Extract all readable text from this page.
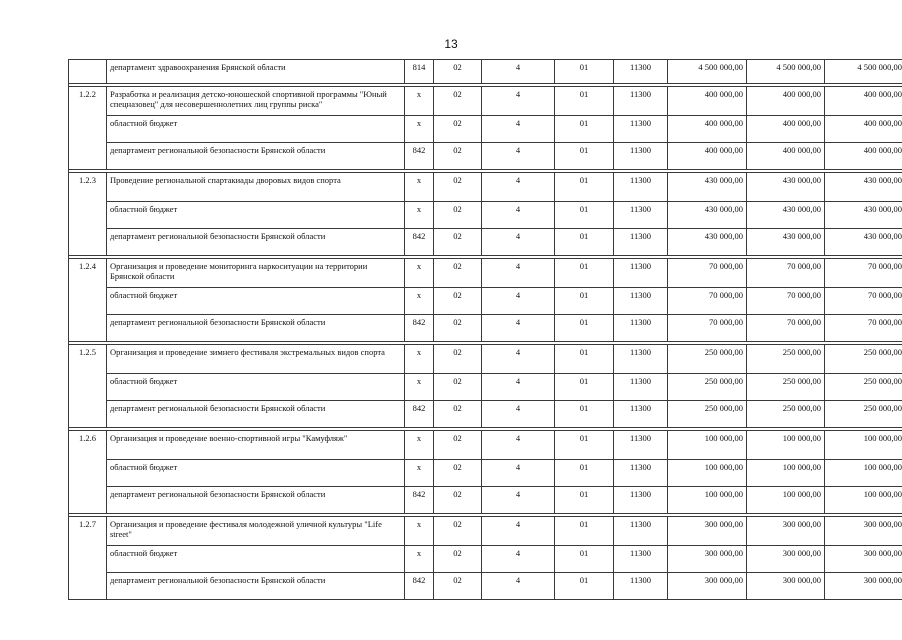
13
	департамент здравоохранения Брянской области	814	02	4	01	11300	4 500 000,00	4 500 000,00	4 500 000,00

1.2.2	Разработка и реализация детско-юношеской спортивной программы "Юный спецназовец" для несовершеннолетних лиц группы риска"	х	02	4	01	11300	400 000,00	400 000,00	400 000,00
	областной бюджет	х	02	4	01	11300	400 000,00	400 000,00	400 000,00
	департамент региональной безопасности Брянской области	842	02	4	01	11300	400 000,00	400 000,00	400 000,00

1.2.3	Проведение региональной спартакиады дворовых видов спорта	х	02	4	01	11300	430 000,00	430 000,00	430 000,00
	областной бюджет	х	02	4	01	11300	430 000,00	430 000,00	430 000,00
	департамент региональной безопасности Брянской области	842	02	4	01	11300	430 000,00	430 000,00	430 000,00

1.2.4	Организация и проведение мониторинга наркоситуации на территории Брянской области	х	02	4	01	11300	70 000,00	70 000,00	70 000,00
	областной бюджет	х	02	4	01	11300	70 000,00	70 000,00	70 000,00
	департамент региональной безопасности Брянской области	842	02	4	01	11300	70 000,00	70 000,00	70 000,00

1.2.5	Организация и проведение зимнего фестиваля экстремальных видов спорта	х	02	4	01	11300	250 000,00	250 000,00	250 000,00
	областной бюджет	х	02	4	01	11300	250 000,00	250 000,00	250 000,00
	департамент региональной безопасности Брянской области	842	02	4	01	11300	250 000,00	250 000,00	250 000,00

1.2.6	Организация и проведение военно-спортивной игры "Камуфляж"	х	02	4	01	11300	100 000,00	100 000,00	100 000,00
	областной бюджет	х	02	4	01	11300	100 000,00	100 000,00	100 000,00
	департамент региональной безопасности Брянской области	842	02	4	01	11300	100 000,00	100 000,00	100 000,00

1.2.7	Организация и проведение фестиваля молодежной уличной культуры "Life street"	х	02	4	01	11300	300 000,00	300 000,00	300 000,00
	областной бюджет	х	02	4	01	11300	300 000,00	300 000,00	300 000,00
	департамент региональной безопасности Брянской области	842	02	4	01	11300	300 000,00	300 000,00	300 000,00
